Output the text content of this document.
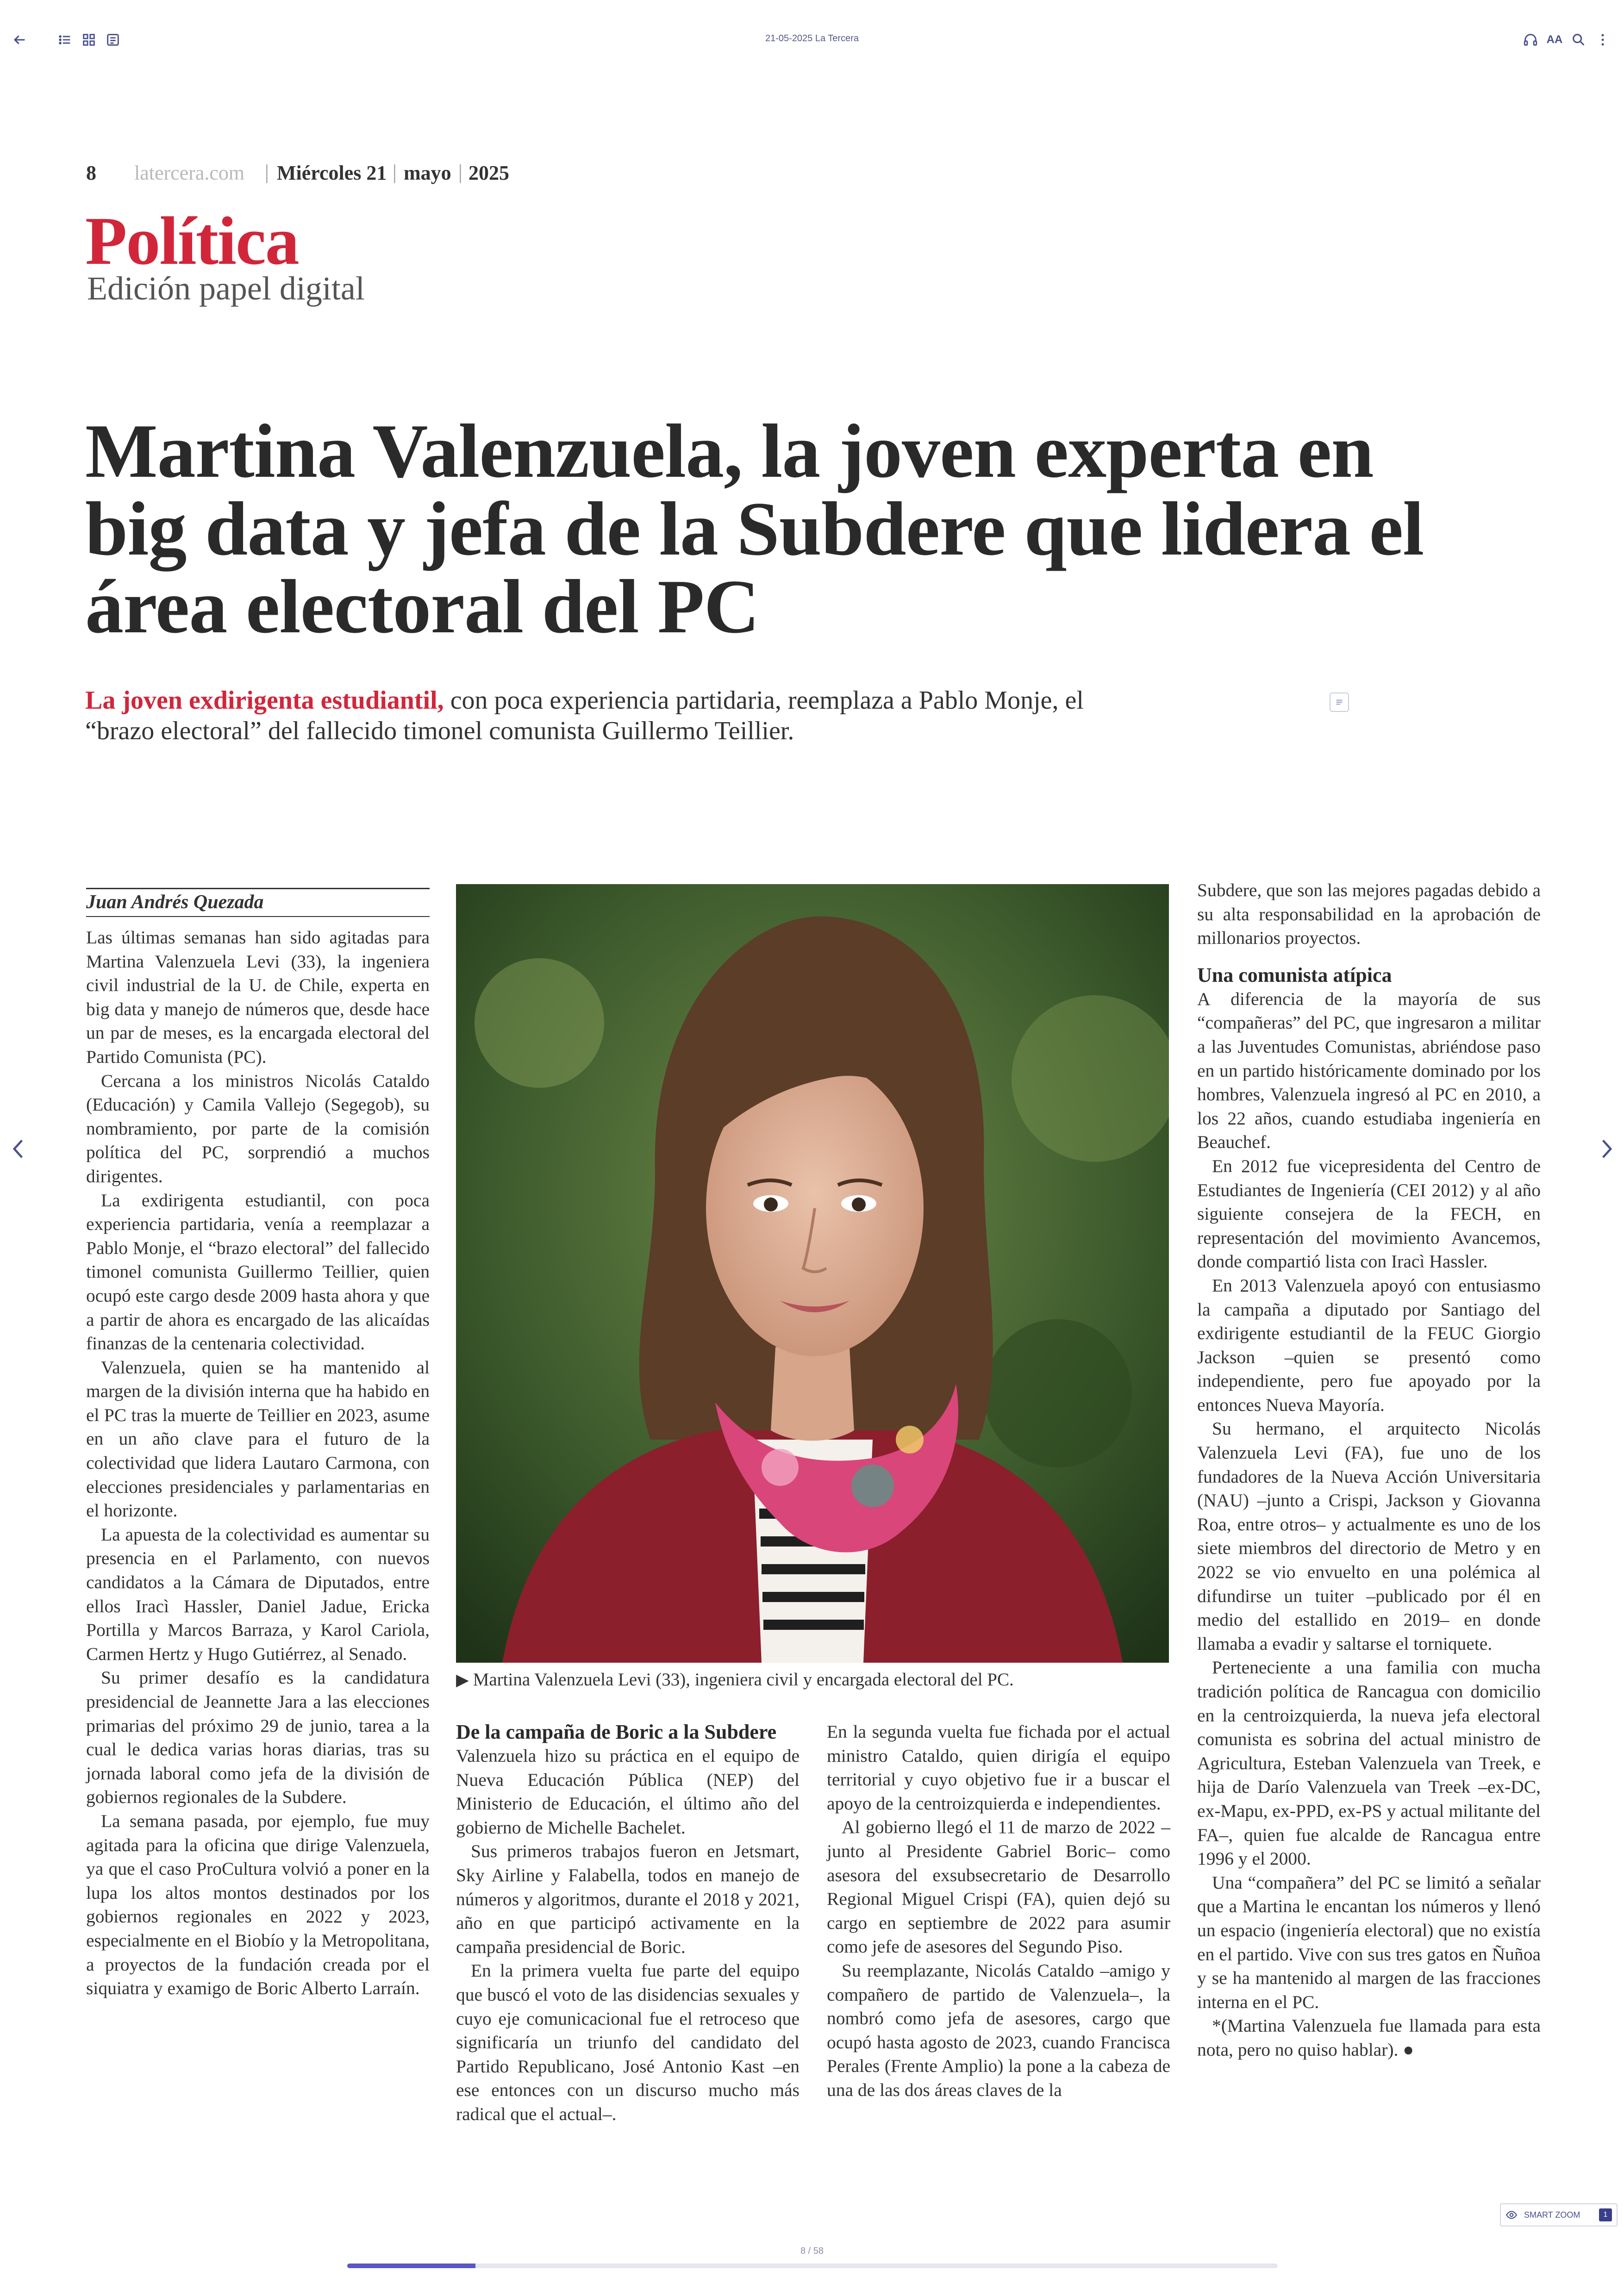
21-05-2025 La Tercera	AA
8 latercera.com | Miércoles 21 | mayo | 2025
Política
Edición papel digital
Martina Valenzuela, la joven experta en big data y jefa de la Subdere que lidera el área electoral del PC
La joven exdirigenta estudiantil, con poca experiencia partidaria, reemplaza a Pablo Monje, el “brazo electoral” del fallecido timonel comunista Guillermo Teillier.
Juan Andrés Quezada

Las últimas semanas han sido agitadas para Martina Valenzuela Levi (33), la ingeniera civil industrial de la U. de Chile, experta en big data y manejo de números que, desde hace un par de meses, es la encargada electoral del Partido Comunista (PC).

Cercana a los ministros Nicolás Cataldo (Educación) y Camila Vallejo (Segegob), su nombramiento, por parte de la comisión política del PC, sorprendió a muchos dirigentes.

La exdirigenta estudiantil, con poca experiencia partidaria, venía a reemplazar a Pablo Monje, el “brazo electoral” del fallecido timonel comunista Guillermo Teillier, quien ocupó este cargo desde 2009 hasta ahora y que a partir de ahora es encargado de las alicaídas finanzas de la centenaria colectividad.

Valenzuela, quien se ha mantenido al margen de la división interna que ha habido en el PC tras la muerte de Teillier en 2023, asume en un año clave para el futuro de la colectividad que lidera Lautaro Carmona, con elecciones presidenciales y parlamentarias en el horizonte.

La apuesta de la colectividad es aumentar su presencia en el Parlamento, con nuevos candidatos a la Cámara de Diputados, entre ellos Iracì Hassler, Daniel Jadue, Ericka Portilla y Marcos Barraza, y Karol Cariola, Carmen Hertz y Hugo Gutiérrez, al Senado.

Su primer desafío es la candidatura presidencial de Jeannette Jara a las elecciones primarias del próximo 29 de junio, tarea a la cual le dedica varias horas diarias, tras su jornada laboral como jefa de la división de gobiernos regionales de la Subdere.

La semana pasada, por ejemplo, fue muy agitada para la oficina que dirige Valenzuela, ya que el caso ProCultura volvió a poner en la lupa los altos montos destinados por los gobiernos regionales en 2022 y 2023, especialmente en el Biobío y la Metropolitana, a proyectos de la fundación creada por el siquiatra y examigo de Boric Alberto Larraín.

▶ Martina Valenzuela Levi (33), ingeniera civil y encargada electoral del PC.
De la campaña de Boric a la Subdere

Valenzuela hizo su práctica en el equipo de Nueva Educación Pública (NEP) del Ministerio de Educación, el último año del gobierno de Michelle Bachelet.

Sus primeros trabajos fueron en Jetsmart, Sky Airline y Falabella, todos en manejo de números y algoritmos, durante el 2018 y 2021, año en que participó activamente en la campaña presidencial de Boric.

En la primera vuelta fue parte del equipo que buscó el voto de las disidencias sexuales y cuyo eje comunicacional fue el retroceso que significaría un triunfo del candidato del Partido Republicano, José Antonio Kast –en ese entonces con un discurso mucho más radical que el actual–.

En la segunda vuelta fue fichada por el actual ministro Cataldo, quien dirigía el equipo territorial y cuyo objetivo fue ir a buscar el apoyo de la centroizquierda e independientes.

Al gobierno llegó el 11 de marzo de 2022 –junto al Presidente Gabriel Boric– como asesora del exsubsecretario de Desarrollo Regional Miguel Crispi (FA), quien dejó su cargo en septiembre de 2022 para asumir como jefe de asesores del Segundo Piso.

Su reemplazante, Nicolás Cataldo –amigo y compañero de partido de Valenzuela–, la nombró como jefa de asesores, cargo que ocupó hasta agosto de 2023, cuando Francisca Perales (Frente Amplio) la pone a la cabeza de una de las dos áreas claves de la

Subdere, que son las mejores pagadas debido a su alta responsabilidad en la aprobación de millonarios proyectos.

Una comunista atípica

A diferencia de la mayoría de sus “compañeras” del PC, que ingresaron a militar a las Juventudes Comunistas, abriéndose paso en un partido históricamente dominado por los hombres, Valenzuela ingresó al PC en 2010, a los 22 años, cuando estudiaba ingeniería en Beauchef.

En 2012 fue vicepresidenta del Centro de Estudiantes de Ingeniería (CEI 2012) y al año siguiente consejera de la FECH, en representación del movimiento Avancemos, donde compartió lista con Iracì Hassler.

En 2013 Valenzuela apoyó con entusiasmo la campaña a diputado por Santiago del exdirigente estudiantil de la FEUC Giorgio Jackson –quien se presentó como independiente, pero fue apoyado por la entonces Nueva Mayoría.

Su hermano, el arquitecto Nicolás Valenzuela Levi (FA), fue uno de los fundadores de la Nueva Acción Universitaria (NAU) –junto a Crispi, Jackson y Giovanna Roa, entre otros– y actualmente es uno de los siete miembros del directorio de Metro y en 2022 se vio envuelto en una polémica al difundirse un tuiter –publicado por él en medio del estallido en 2019– en donde llamaba a evadir y saltarse el torniquete.

Perteneciente a una familia con mucha tradición política de Rancagua con domicilio en la centroizquierda, la nueva jefa electoral comunista es sobrina del actual ministro de Agricultura, Esteban Valenzuela van Treek, e hija de Darío Valenzuela van Treek –ex-DC, ex-Mapu, ex-PPD, ex-PS y actual militante del FA–, quien fue alcalde de Rancagua entre 1996 y el 2000.

Una “compañera” del PC se limitó a señalar que a Martina le encantan los números y llenó un espacio (ingeniería electoral) que no existía en el partido. Vive con sus tres gatos en Ñuñoa y se ha mantenido al margen de las fracciones interna en el PC.

*(Martina Valenzuela fue llamada para esta nota, pero no quiso hablar). ●

SMART ZOOM	1
8 / 58
